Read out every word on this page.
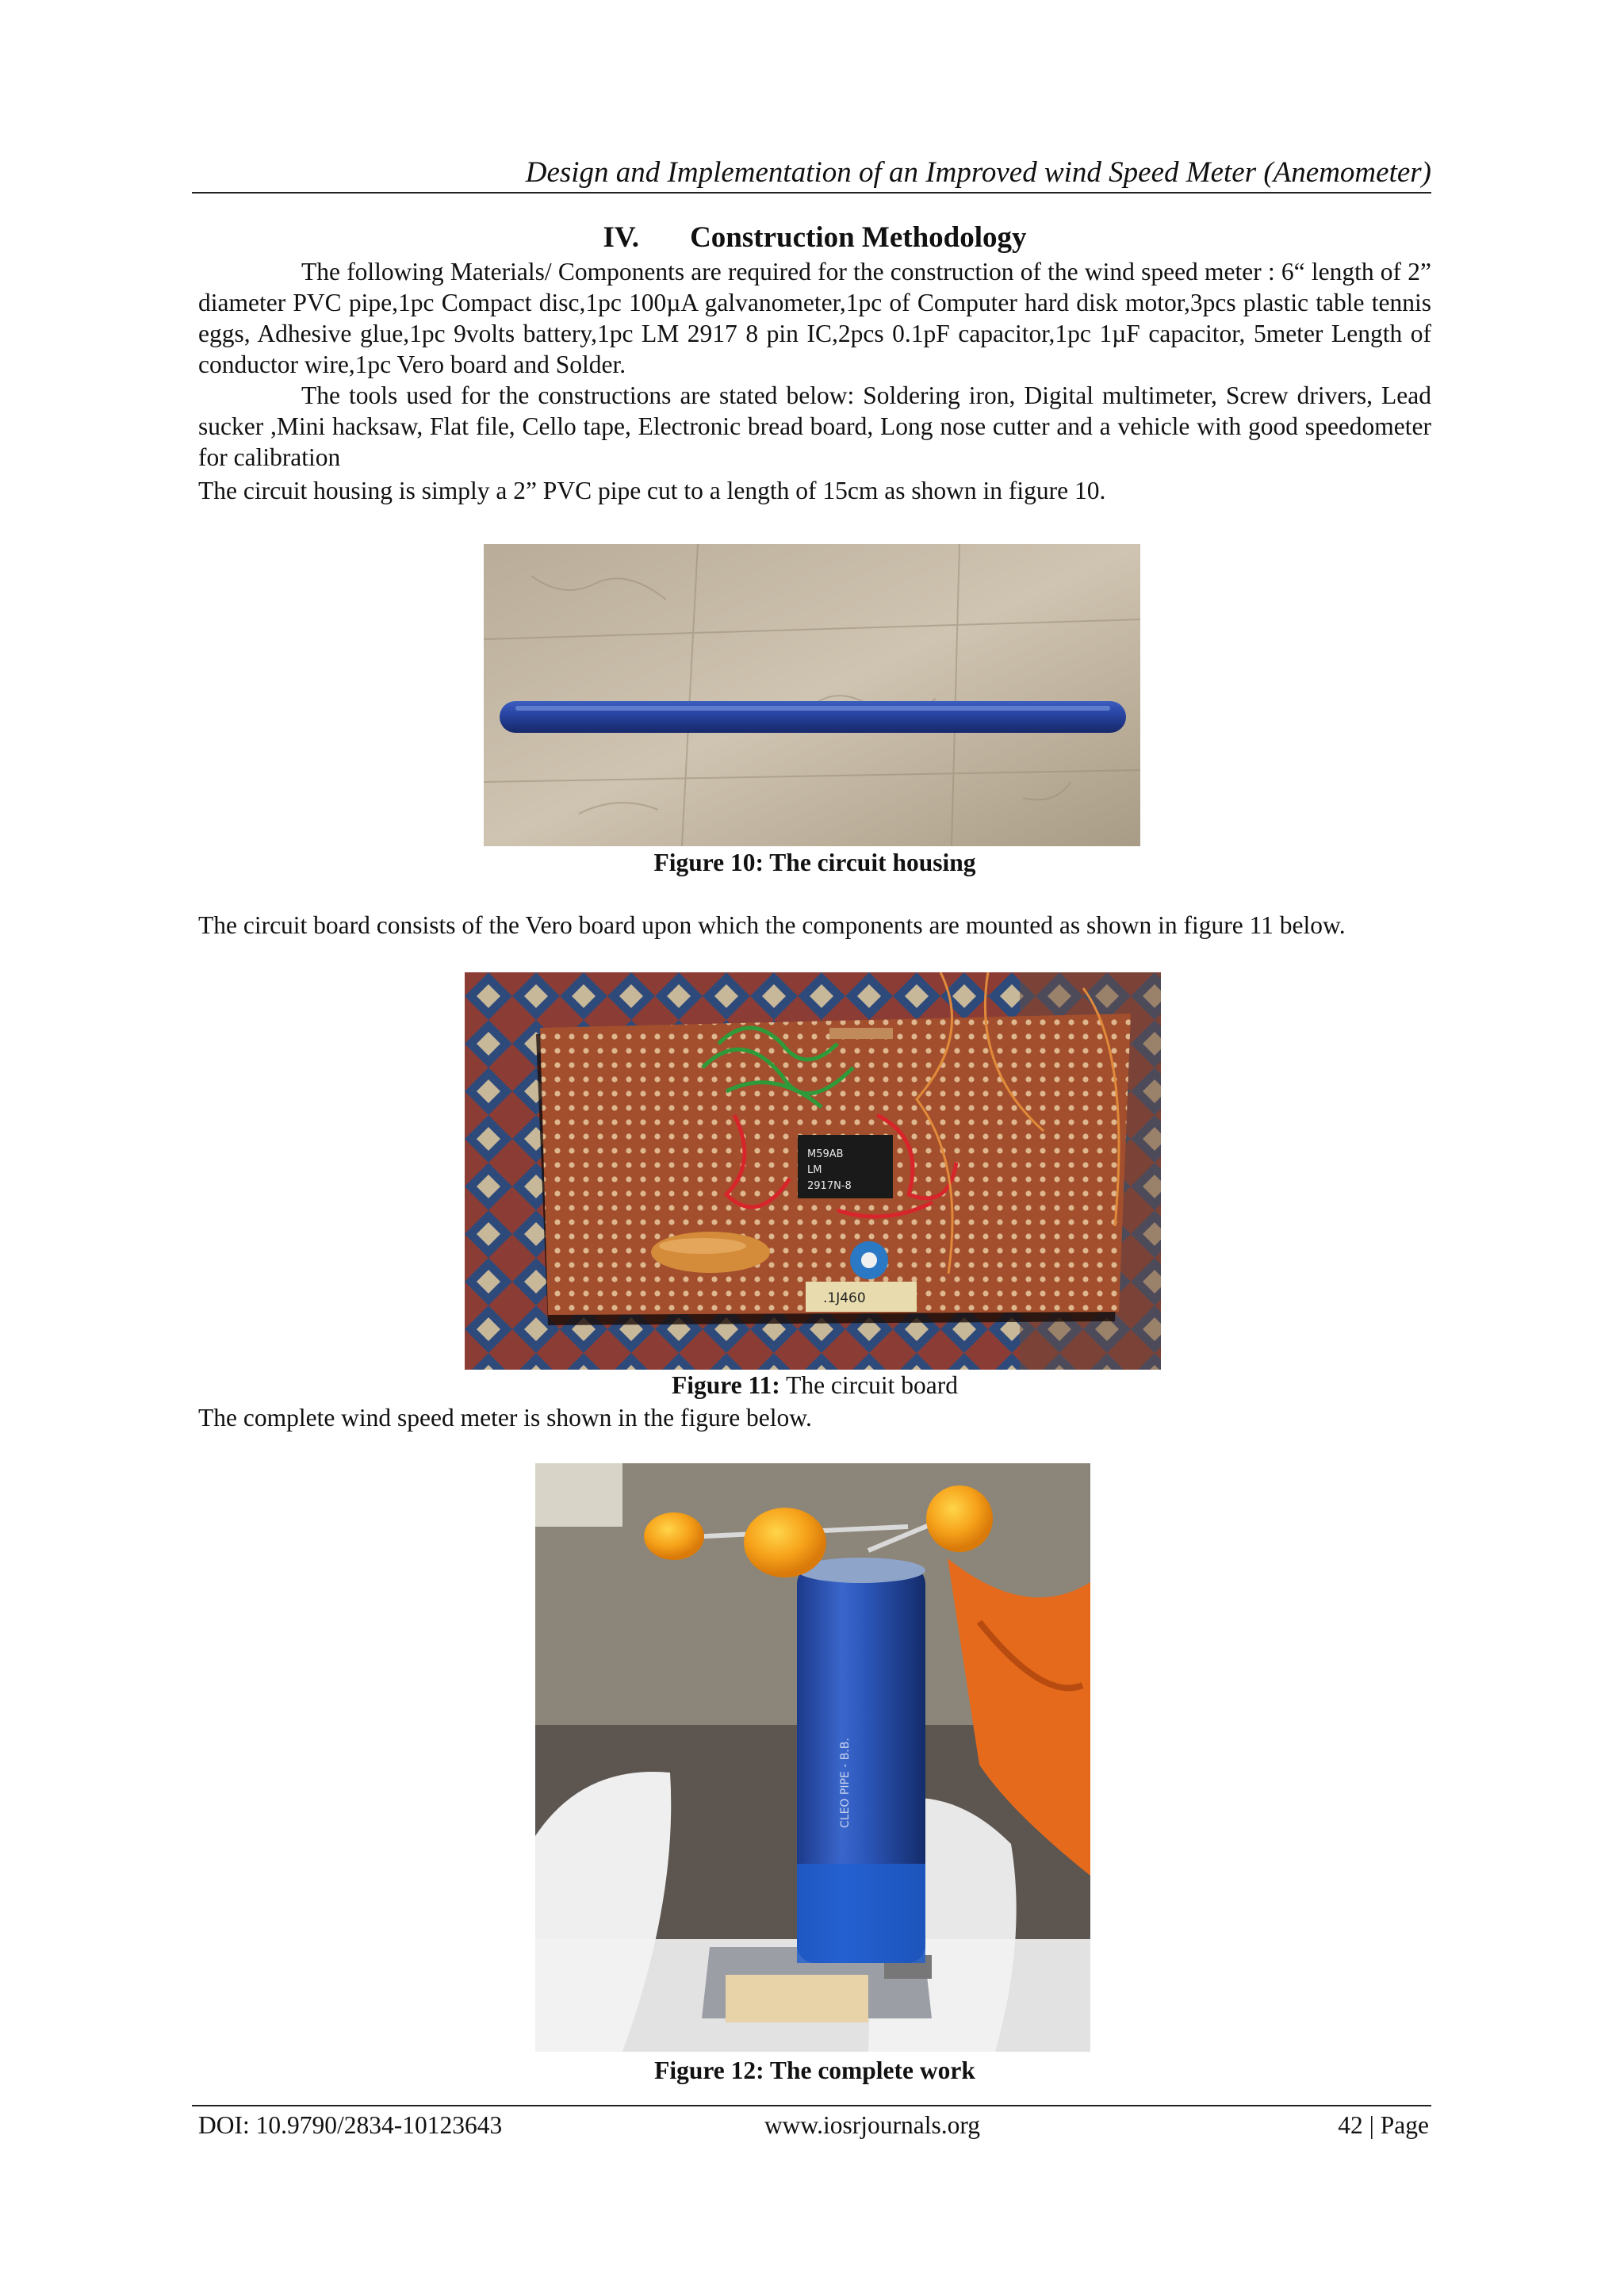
Design and Implementation of an Improved wind Speed Meter (Anemometer)
IV. Construction Methodology
The following Materials/ Components are required for the construction of the wind speed meter : 6“ length of 2” diameter PVC pipe,1pc Compact disc,1pc 100µA galvanometer,1pc of Computer hard disk motor,3pcs plastic table tennis eggs, Adhesive glue,1pc 9volts battery,1pc LM 2917 8 pin IC,2pcs 0.1pF capacitor,1pc 1µF capacitor, 5meter Length of conductor wire,1pc Vero board and Solder.
The tools used for the constructions are stated below: Soldering iron, Digital multimeter, Screw drivers, Lead sucker ,Mini hacksaw, Flat file, Cello tape, Electronic bread board, Long nose cutter and a vehicle with good speedometer for calibration
The circuit housing is simply a 2” PVC pipe cut to a length of 15cm as shown in figure 10.
Figure 10: The circuit housing
The circuit board consists of the Vero board upon which the components are mounted as shown in figure 11 below.
M59AB
LM
2917N-8
.1J460
Figure 11: The circuit board
The complete wind speed meter is shown in the figure below.
CLEO PIPE - B.B.
Figure 12: The complete work
DOI: 10.9790/2834-10123643	www.iosrjournals.org	42 | Page
